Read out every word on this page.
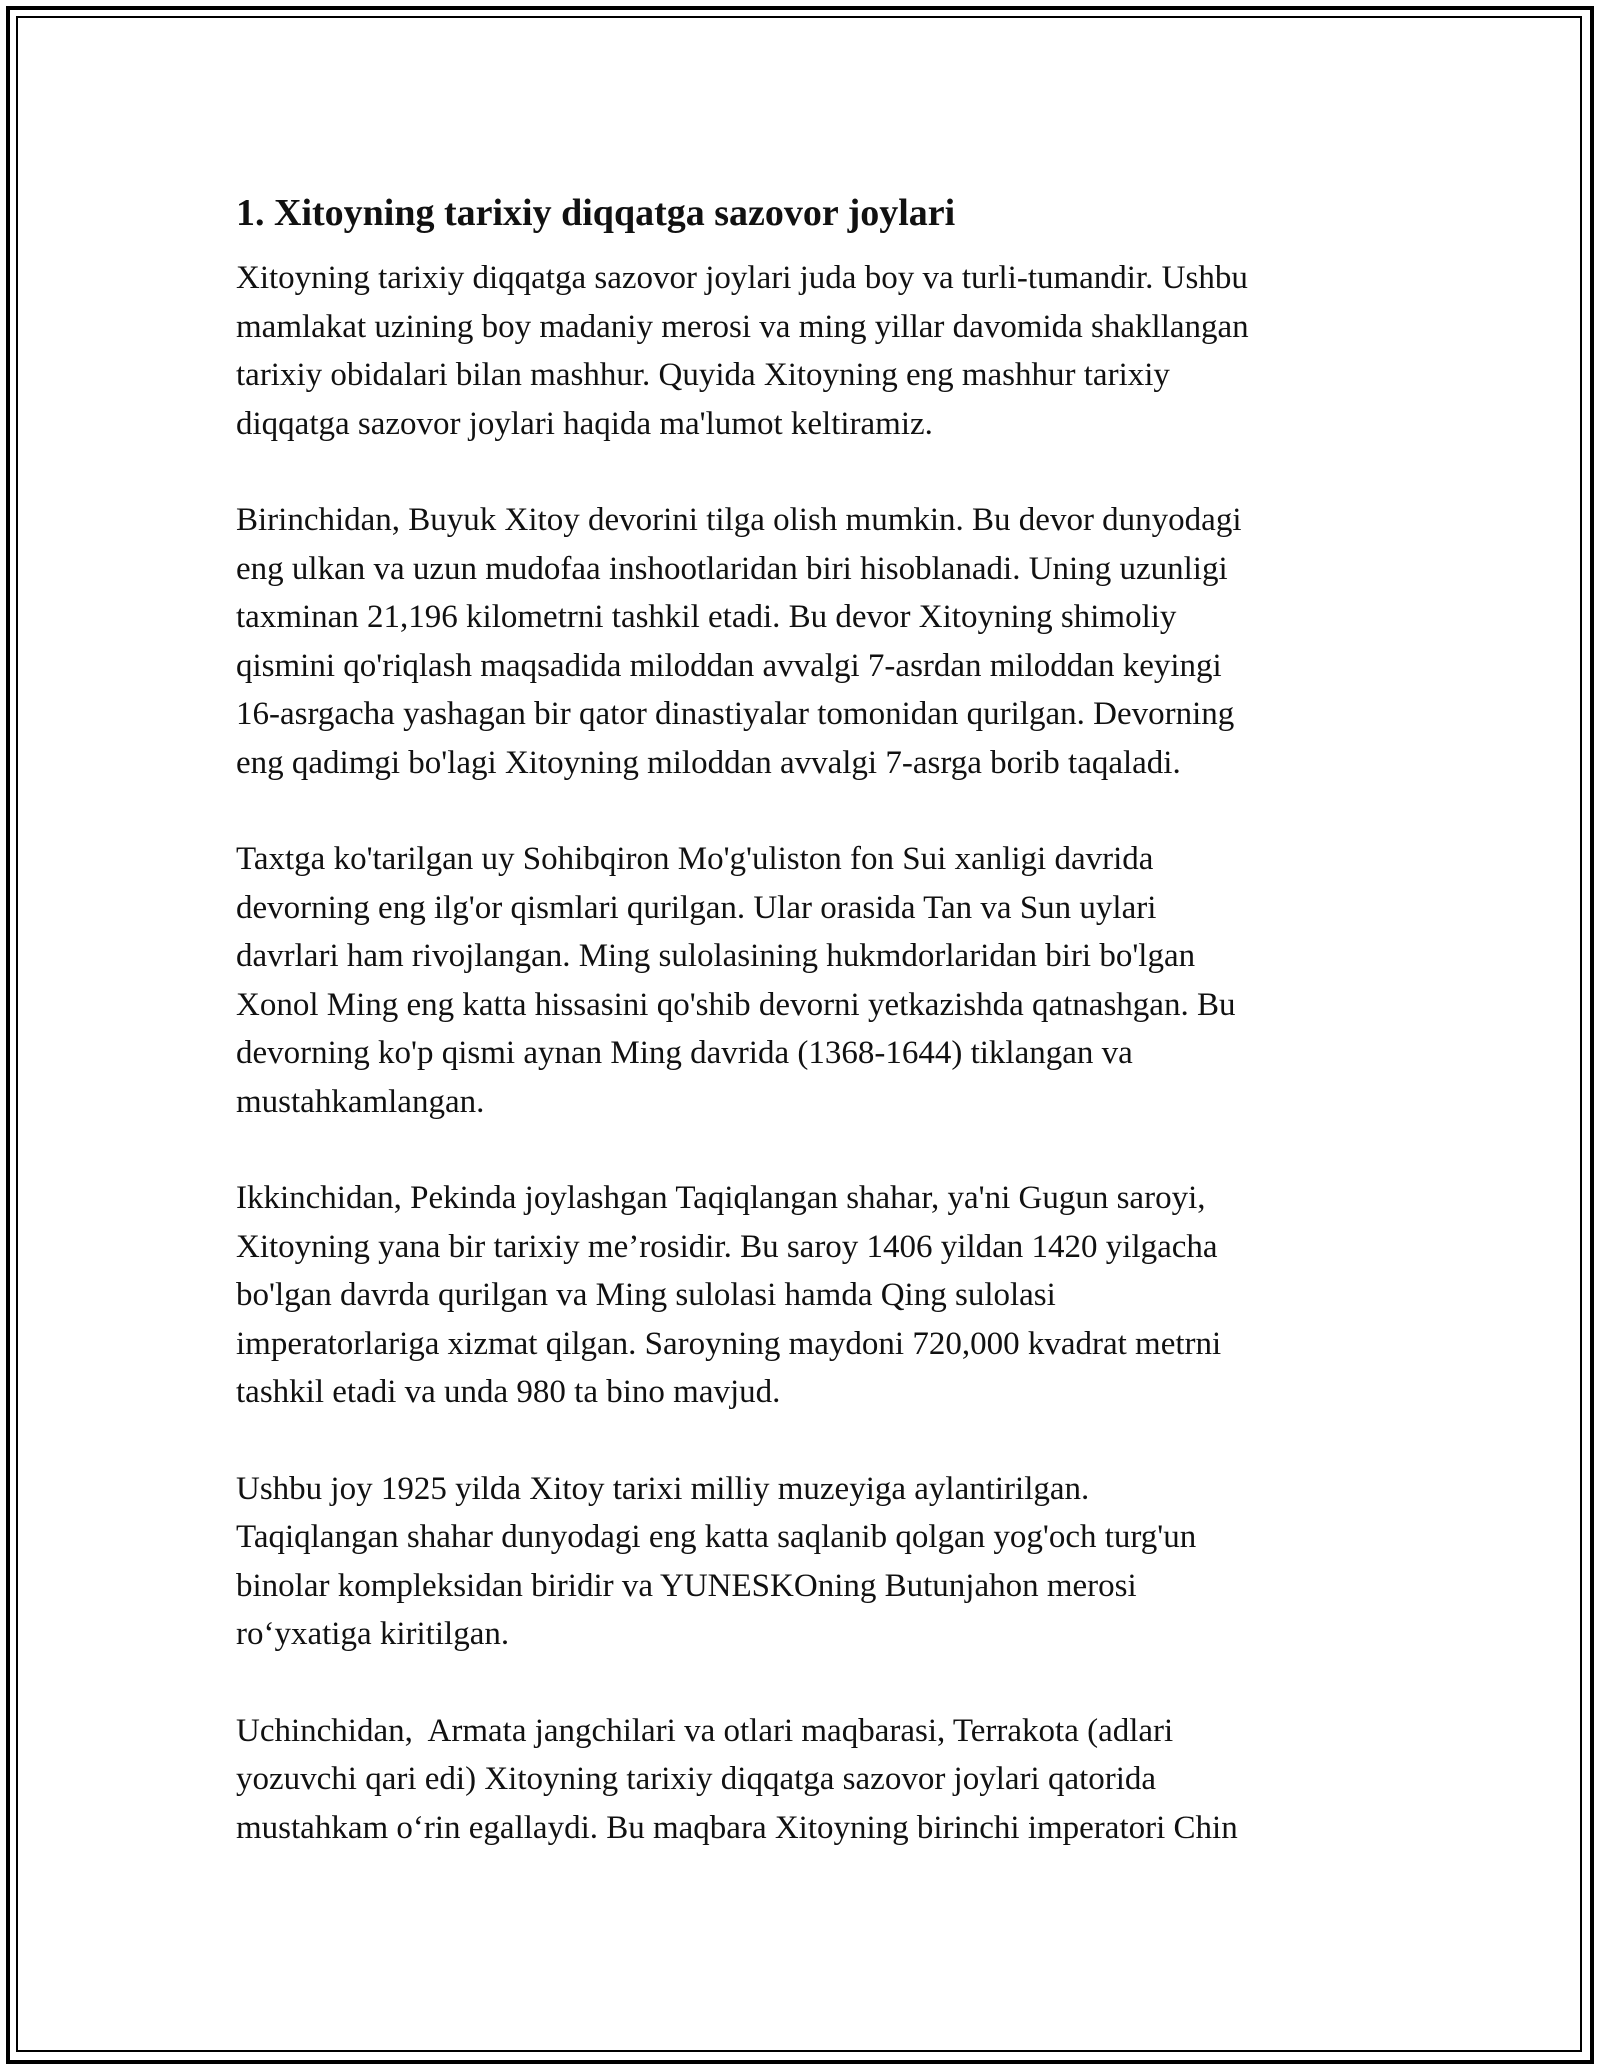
1. Xitoyning tarixiy diqqatga sazovor joylari

Xitoyning tarixiy diqqatga sazovor joylari juda boy va turli-tumandir. Ushbu
mamlakat uzining boy madaniy merosi va ming yillar davomida shakllangan
tarixiy obidalari bilan mashhur. Quyida Xitoyning eng mashhur tarixiy
diqqatga sazovor joylari haqida ma'lumot keltiramiz.

Birinchidan, Buyuk Xitoy devorini tilga olish mumkin. Bu devor dunyodagi
eng ulkan va uzun mudofaa inshootlaridan biri hisoblanadi. Uning uzunligi
taxminan 21,196 kilometrni tashkil etadi. Bu devor Xitoyning shimoliy
qismini qo'riqlash maqsadida miloddan avvalgi 7-asrdan miloddan keyingi
16-asrgacha yashagan bir qator dinastiyalar tomonidan qurilgan. Devorning
eng qadimgi bo'lagi Xitoyning miloddan avvalgi 7-asrga borib taqaladi.

Taxtga ko'tarilgan uy Sohibqiron Mo'g'uliston fon Sui xanligi davrida
devorning eng ilg'or qismlari qurilgan. Ular orasida Tan va Sun uylari
davrlari ham rivojlangan. Ming sulolasining hukmdorlaridan biri bo'lgan
Xonol Ming eng katta hissasini qo'shib devorni yetkazishda qatnashgan. Bu
devorning ko'p qismi aynan Ming davrida (1368-1644) tiklangan va
mustahkamlangan.

Ikkinchidan, Pekinda joylashgan Taqiqlangan shahar, ya'ni Gugun saroyi,
Xitoyning yana bir tarixiy me’rosidir. Bu saroy 1406 yildan 1420 yilgacha
bo'lgan davrda qurilgan va Ming sulolasi hamda Qing sulolasi
imperatorlariga xizmat qilgan. Saroyning maydoni 720,000 kvadrat metrni
tashkil etadi va unda 980 ta bino mavjud.

Ushbu joy 1925 yilda Xitoy tarixi milliy muzeyiga aylantirilgan.
Taqiqlangan shahar dunyodagi eng katta saqlanib qolgan yog'och turg'un
binolar kompleksidan biridir va YUNESKOning Butunjahon merosi
ro‘yxatiga kiritilgan.

Uchinchidan,  Armata jangchilari va otlari maqbarasi, Terrakota (adlari
yozuvchi qari edi) Xitoyning tarixiy diqqatga sazovor joylari qatorida
mustahkam o‘rin egallaydi. Bu maqbara Xitoyning birinchi imperatori Chin
